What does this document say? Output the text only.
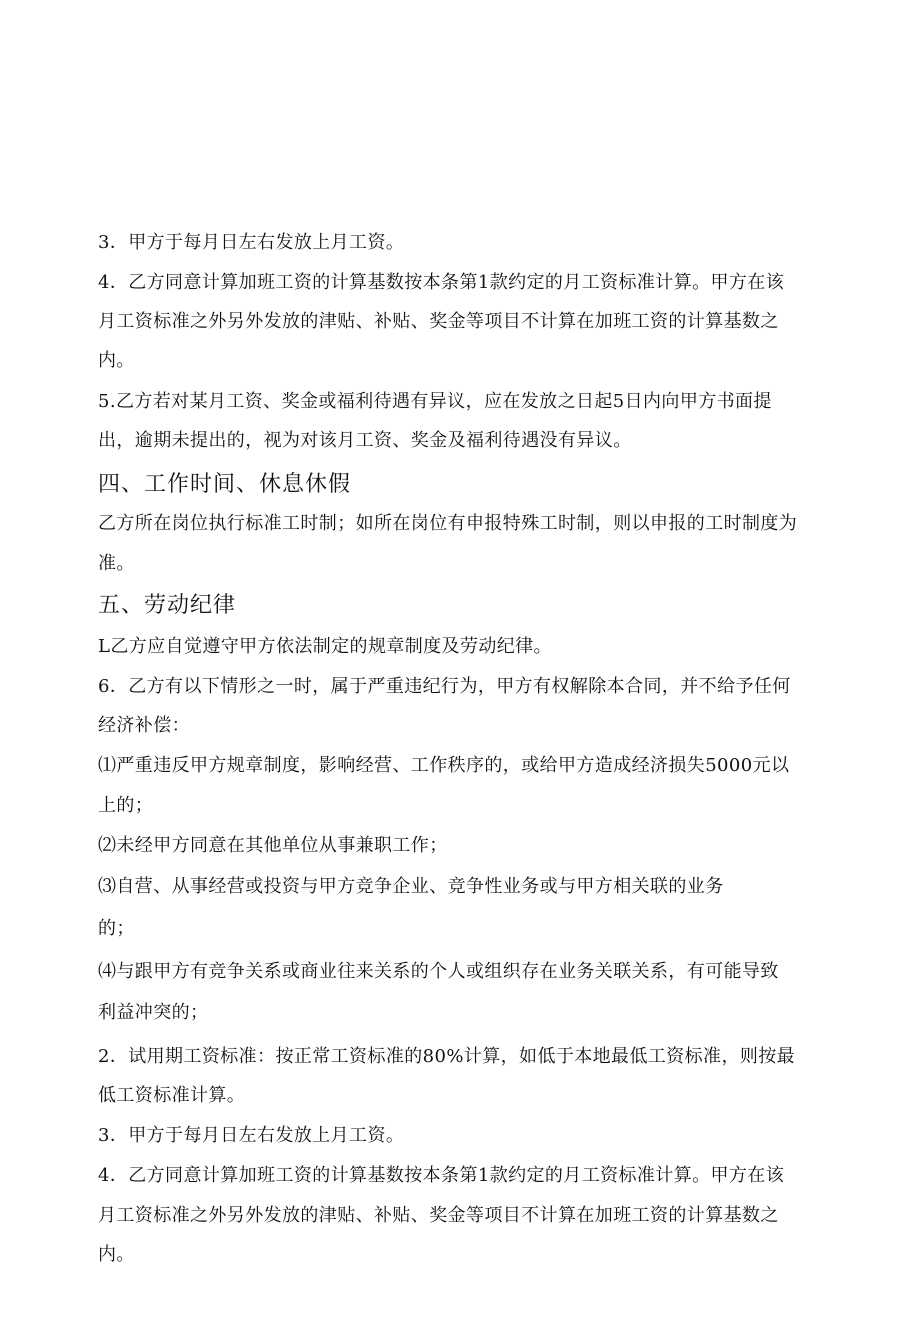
3．甲方于每月日左右发放上月工资。
4．乙方同意计算加班工资的计算基数按本条第1款约定的月工资标准计算。甲方在该
月工资标准之外另外发放的津贴、补贴、奖金等项目不计算在加班工资的计算基数之
内。
5.乙方若对某月工资、奖金或福利待遇有异议，应在发放之日起5日内向甲方书面提
出，逾期未提出的，视为对该月工资、奖金及福利待遇没有异议。
四、工作时间、休息休假
乙方所在岗位执行标准工时制；如所在岗位有申报特殊工时制，则以申报的工时制度为
准。
五、劳动纪律
L乙方应自觉遵守甲方依法制定的规章制度及劳动纪律。
6．乙方有以下情形之一时，属于严重违纪行为，甲方有权解除本合同，并不给予任何
经济补偿：
⑴严重违反甲方规章制度，影响经营、工作秩序的，或给甲方造成经济损失5000元以
上的；
⑵未经甲方同意在其他单位从事兼职工作；
⑶自营、从事经营或投资与甲方竞争企业、竞争性业务或与甲方相关联的业务
的；
⑷与跟甲方有竞争关系或商业往来关系的个人或组织存在业务关联关系，有可能导致
利益冲突的；
2．试用期工资标准：按正常工资标准的80%计算，如低于本地最低工资标准，则按最
低工资标准计算。
3．甲方于每月日左右发放上月工资。
4．乙方同意计算加班工资的计算基数按本条第1款约定的月工资标准计算。甲方在该
月工资标准之外另外发放的津贴、补贴、奖金等项目不计算在加班工资的计算基数之
内。
